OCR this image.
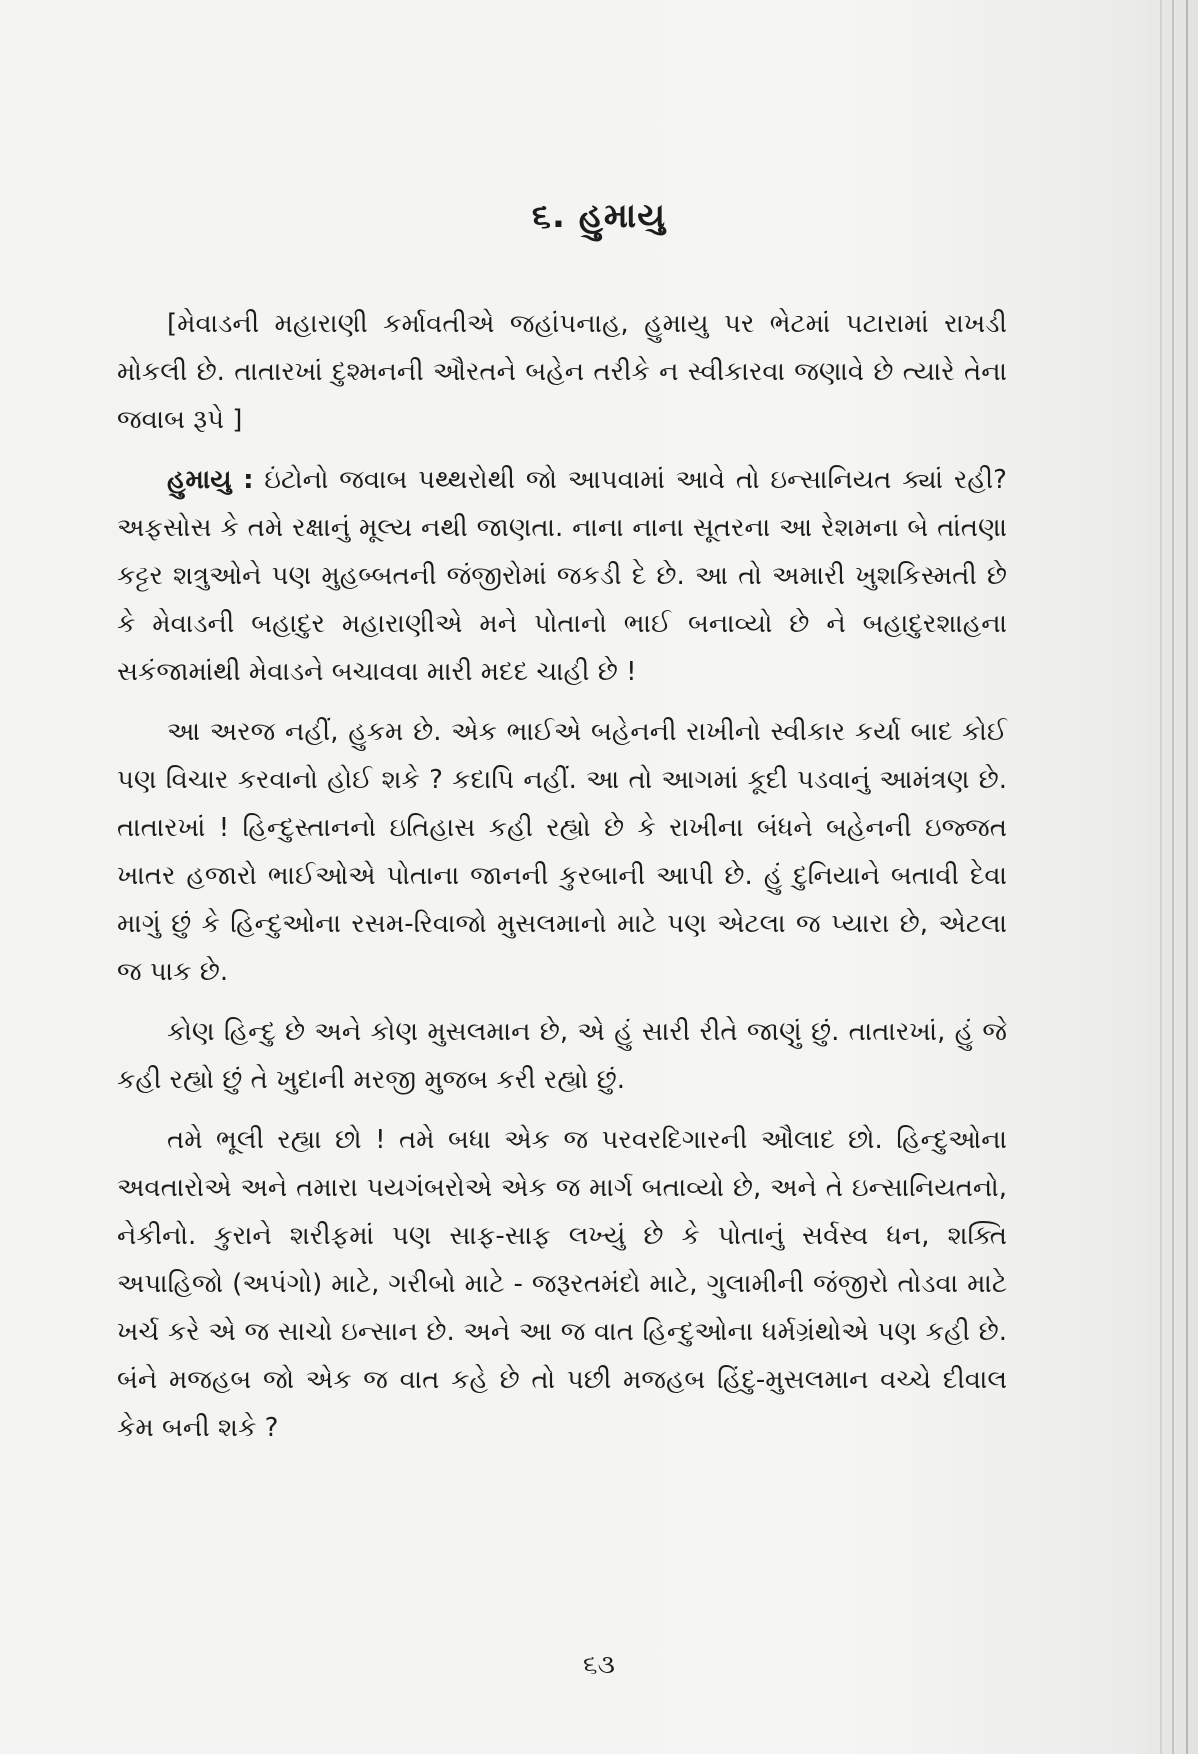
૬. હુમાયુ

[મેવાડની મહારાણી કર્માવતીએ જહાંપનાહ, હુમાયુ પર ભેટમાં પટારામાં રાખડી મોકલી છે. તાતારખાં દુશ્મનની ઔરતને બહેન તરીકે ન સ્વીકારવા જણાવે છે ત્યારે તેના જવાબ રૂપે ]

હુમાયુ : ઇંટોનો જવાબ પથ્થરોથી જો આપવામાં આવે તો ઇન્સાનિયત ક્યાં રહી? અફસોસ કે તમે રક્ષાનું મૂલ્ય નથી જાણતા. નાના નાના સૂતરના આ રેશમના બે તાંતણા કટ્ટર શત્રુઓને પણ મુહબ્બતની જંજીરોમાં જકડી દે છે. આ તો અમારી ખુશકિસ્મતી છે કે મેવાડની બહાદુર મહારાણીએ મને પોતાનો ભાઈ બનાવ્યો છે ને બહાદુરશાહના સકંજામાંથી મેવાડને બચાવવા મારી મદદ ચાહી છે !

આ અરજ નહીં, હુકમ છે. એક ભાઈએ બહેનની રાખીનો સ્વીકાર કર્યા બાદ કોઈ પણ વિચાર કરવાનો હોઈ શકે ? કદાપિ નહીં. આ તો આગમાં કૂદી પડવાનું આમંત્રણ છે. તાતારખાં ! હિન્દુસ્તાનનો ઇતિહાસ કહી રહ્યો છે કે રાખીના બંધને બહેનની ઇજ્જત ખાતર હજારો ભાઈઓએ પોતાના જાનની કુરબાની આપી છે. હું દુનિયાને બતાવી દેવા માગું છું કે હિન્દુઓના રસમ-રિવાજો મુસલમાનો માટે પણ એટલા જ પ્યારા છે, એટલા જ પાક છે.

કોણ હિન્દુ છે અને કોણ મુસલમાન છે, એ હું સારી રીતે જાણું છું. તાતારખાં, હું જે કહી રહ્યો છું તે ખુદાની મરજી મુજબ કરી રહ્યો છું.

તમે ભૂલી રહ્યા છો ! તમે બધા એક જ પરવરદિગારની ઔલાદ છો. હિન્દુઓના અવતારોએ અને તમારા પયગંબરોએ એક જ માર્ગ બતાવ્યો છે, અને તે ઇન્સાનિયતનો, નેકીનો. કુરાને શરીફમાં પણ સાફ-સાફ લખ્યું છે કે પોતાનું સર્વસ્વ ધન, શક્તિ અપાહિજો (અપંગો) માટે, ગરીબો માટે - જરૂરતમંદો માટે, ગુલામીની જંજીરો તોડવા માટે ખર્ચ કરે એ જ સાચો ઇન્સાન છે. અને આ જ વાત હિન્દુઓના ધર્મગ્રંથોએ પણ કહી છે. બંને મજહબ જો એક જ વાત કહે છે તો પછી મજહબ હિંદુ-મુસલમાન વચ્ચે દીવાલ કેમ બની શકે ?

૬૩
